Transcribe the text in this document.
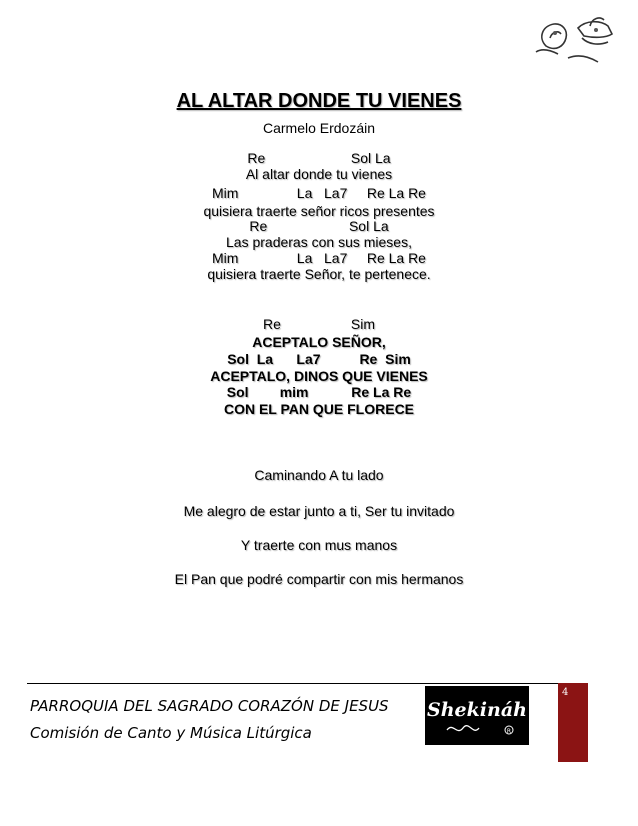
AL ALTAR DONDE TU VIENES
Carmelo Erdozáin
Re                      Sol La
Al altar donde tu vienes
Mim               La   La7     Re La Re
quisiera traerte señor ricos presentes
Re                     Sol La
Las praderas con sus mieses,
Mim               La   La7     Re La Re
quisiera traerte Señor, te pertenece.
Re                  Sim
ACEPTALO SEÑOR,
Sol  La      La7          Re  Sim
ACEPTALO, DINOS QUE VIENES
Sol        mim           Re La Re
CON EL PAN QUE FLORECE
Caminando A tu lado
Me alegro de estar junto a ti, Ser tu invitado
Y traerte con mus manos
El Pan que podré compartir con mis hermanos
PARROQUIA DEL SAGRADO CORAZÓN DE JESUS
Comisión de Canto y Música Litúrgica
Shekináh
R
4
